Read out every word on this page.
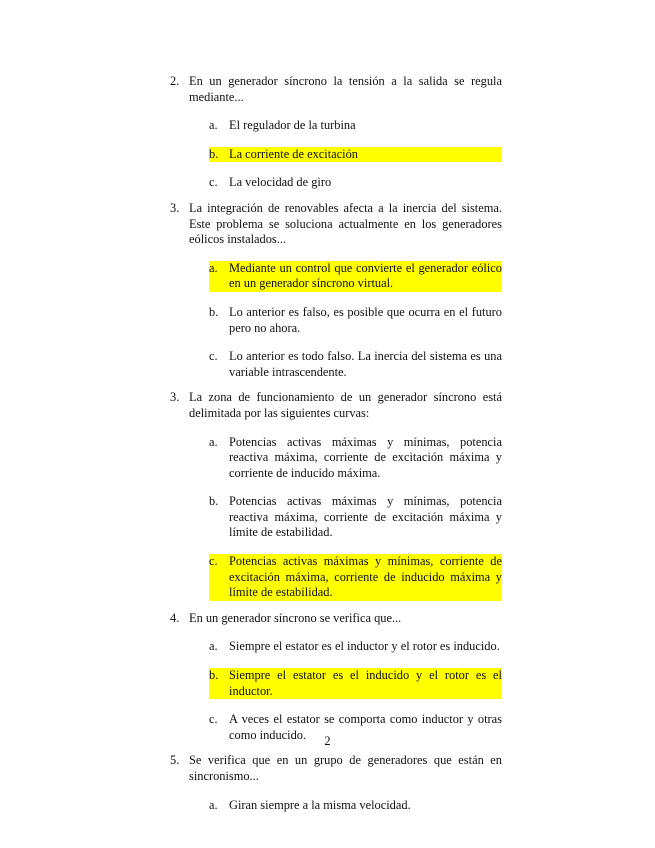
2. En un generador síncrono la tensión a la salida se regula mediante...

a. El regulador de la turbina
b. La corriente de excitación
c. La velocidad de giro
3. La integración de renovables afecta a la inercia del sistema. Este problema se soluciona actualmente en los generadores eólicos instalados...

a. Mediante un control que convierte el generador eólico en un generador síncrono virtual.
b. Lo anterior es falso, es posible que ocurra en el futuro pero no ahora.
c. Lo anterior es todo falso. La inercia del sistema es una variable intrascendente.
3. La zona de funcionamiento de un generador síncrono está delimitada por las siguientes curvas:

a. Potencias activas máximas y mínimas, potencia reactiva máxima, corriente de excitación máxima y corriente de inducido máxima.
b. Potencias activas máximas y mínimas, potencia reactiva máxima, corriente de excitación máxima y límite de estabilidad.
c. Potencias activas máximas y mínimas, corriente de excitación máxima, corriente de inducido máxima y límite de estabilidad.
4. En un generador síncrono se verifica que...

a. Siempre el estator es el inductor y el rotor es inducido.
b. Siempre el estator es el inducido y el rotor es el inductor.
c. A veces el estator se comporta como inductor y otras como inducido.
5. Se verifica que en un grupo de generadores que están en sincronismo...

a. Giran siempre a la misma velocidad.
2
